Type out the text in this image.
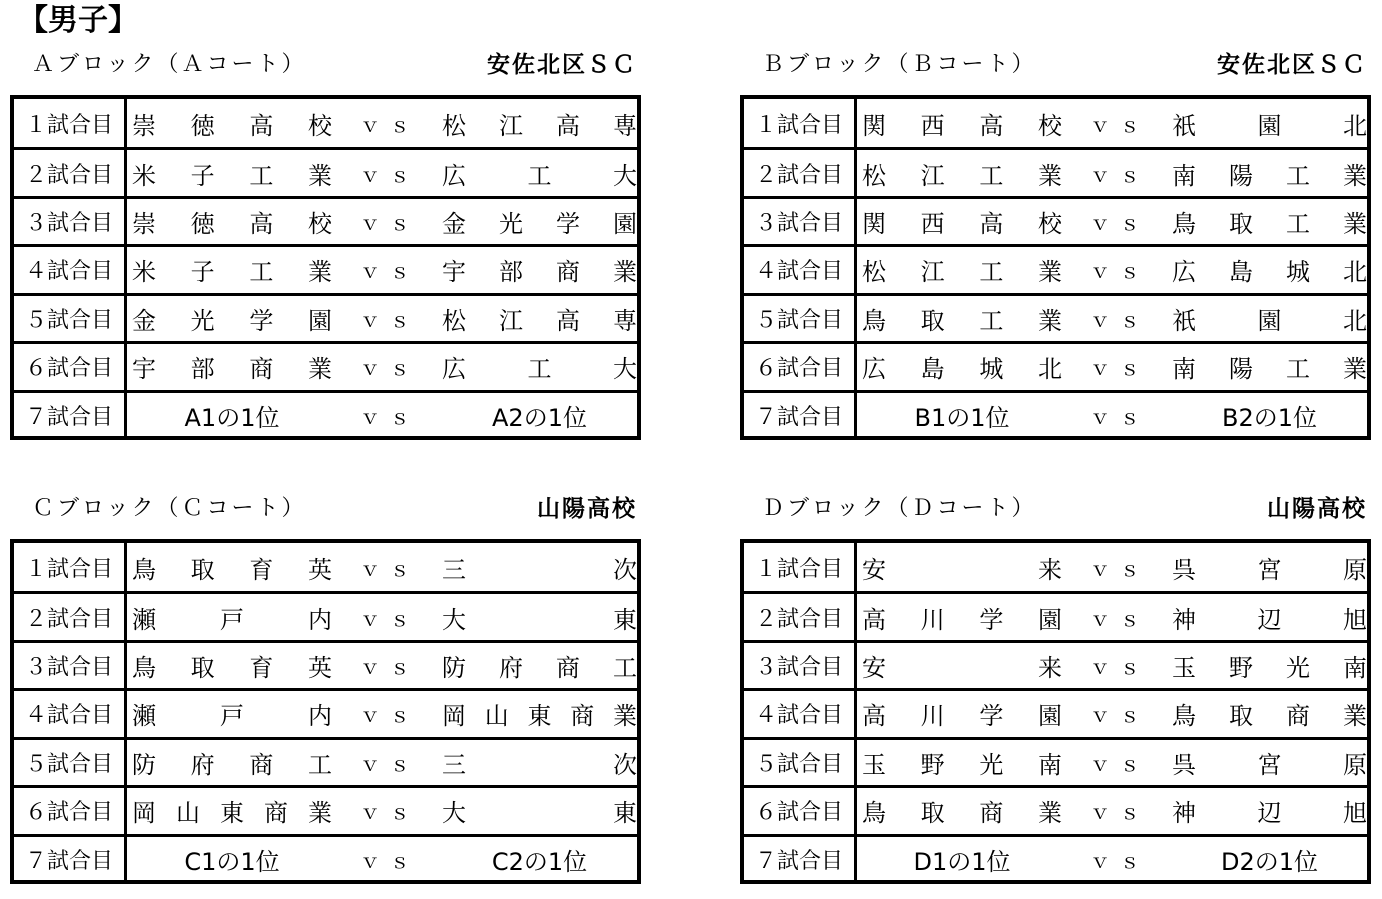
【男子】
Ａブロック（Ａコート）	安佐北区ＳＣ
１試合目 崇 徳 高 校	ｖｓ 松 江 高 専
２試合目 米 子 工 業	ｖｓ 広	工	大
３試合目 崇 徳 高 校	ｖｓ 金 光 学 園
４試合目 米 子 工 業	ｖｓ 宇 部 商 業
５試合目 金 光 学 園	ｖｓ 松 江 高 専
６試合目 宇 部 商 業	ｖｓ 広	工	大
７試合目	A1の1位	ｖｓ	A2の1位
Ｂブロック（Ｂコート）	安佐北区ＳＣ
１試合目 関 西 高 校	ｖｓ 祇	園	北
２試合目 松 江 工 業	ｖｓ 南 陽 工 業
３試合目 関 西 高 校	ｖｓ 鳥 取 工 業
４試合目 松 江 工 業	ｖｓ 広 島 城 北
５試合目 鳥 取 工 業	ｖｓ 祇	園	北
６試合目 広 島 城 北	ｖｓ 南 陽 工 業
７試合目	B1の1位	ｖｓ	B2の1位
Ｃブロック（Ｃコート）	山陽高校
１試合目 鳥 取 育 英	ｖｓ 三	次
２試合目 瀬	戸	内	ｖｓ 大	東
３試合目 鳥 取 育 英	ｖｓ 防 府 商 工
４試合目 瀬	戸	内	ｖｓ 岡 山 東 商 業
５試合目 防 府 商 工	ｖｓ 三	次
６試合目 岡 山 東 商 業	ｖｓ 大	東
７試合目	C1の1位	ｖｓ	C2の1位
Ｄブロック（Ｄコート）	山陽高校
１試合目 安	来	ｖｓ 呉	宮	原
２試合目 高 川 学 園	ｖｓ 神	辺	旭
３試合目 安	来	ｖｓ 玉 野 光 南
４試合目 高 川 学 園	ｖｓ 鳥 取 商 業
５試合目 玉 野 光 南	ｖｓ 呉	宮	原
６試合目 鳥 取 商 業	ｖｓ 神	辺	旭
７試合目	D1の1位	ｖｓ	D2の1位
